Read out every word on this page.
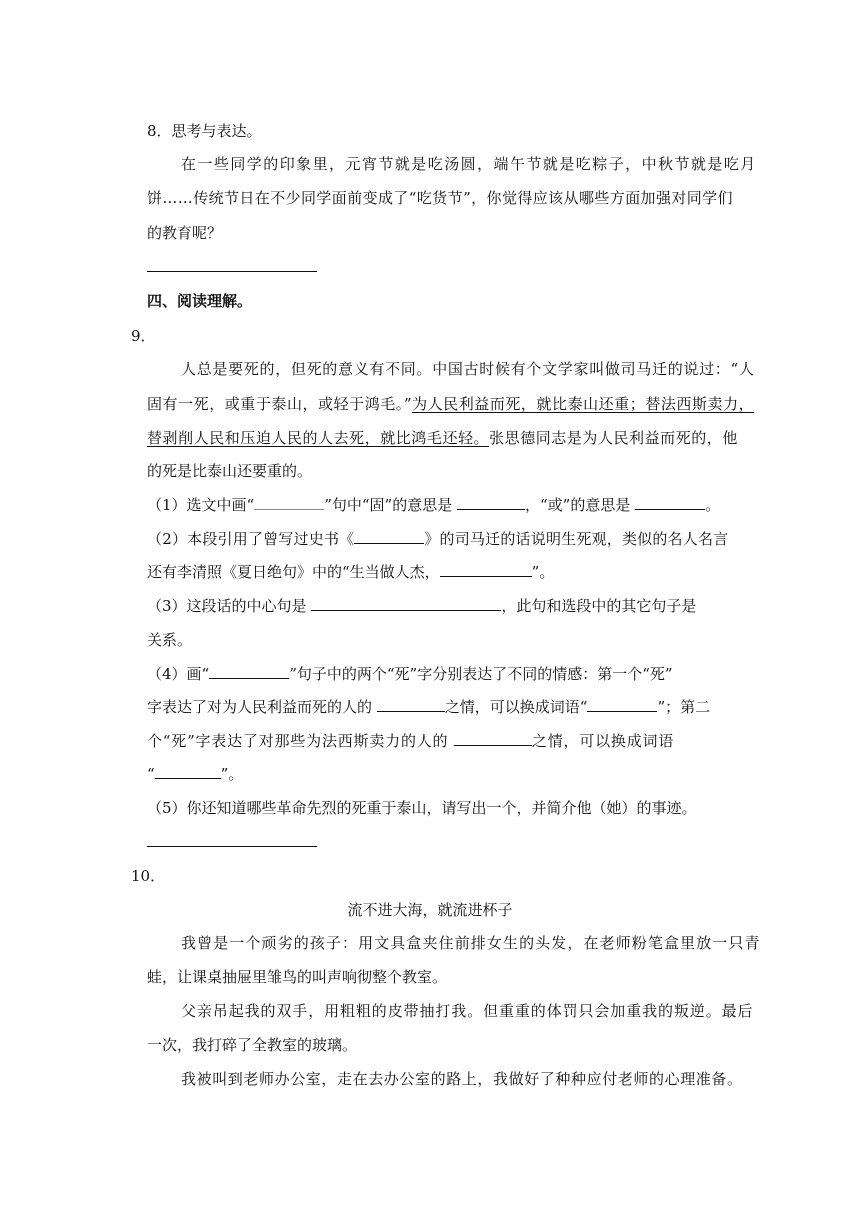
8．思考与表达。
在一些同学的印象里，元宵节就是吃汤圆，端午节就是吃粽子，中秋节就是吃月
饼……传统节日在不少同学面前变成了“吃货节”，你觉得应该从哪些方面加强对同学们
的教育呢？
四、阅读理解。
9．
人总是要死的，但死的意义有不同。中国古时候有个文学家叫做司马迁的说过：“人
固有一死，或重于泰山，或轻于鸿毛。”为人民利益而死，就比泰山还重；替法西斯卖力，
替剥削人民和压迫人民的人去死，就比鸿毛还轻。张思德同志是为人民利益而死的，他
的死是比泰山还要重的。
（1）选文中画“	”句中“固”的意思是	，“或”的意思是	。
（2）本段引用了曾写过史书《	》的司马迁的话说明生死观，类似的名人名言
还有李清照《夏日绝句》中的“生当做人杰，	”。
（3）这段话的中心句是	，此句和选段中的其它句子是
关系。
（4）画“	”句子中的两个“死”字分别表达了不同的情感：第一个“死”
字表达了对为人民利益而死的人的	之情，可以换成词语“	”；第二
个“死”字表达了对那些为法西斯卖力的人的	之情，可以换成词语
“	”。
（5）你还知道哪些革命先烈的死重于泰山，请写出一个，并简介他（她）的事迹。
10．
流不进大海，就流进杯子
我曾是一个顽劣的孩子：用文具盒夹住前排女生的头发，在老师粉笔盒里放一只青
蛙，让课桌抽屉里雏鸟的叫声响彻整个教室。
父亲吊起我的双手，用粗粗的皮带抽打我。但重重的体罚只会加重我的叛逆。最后
一次，我打碎了全教室的玻璃。
我被叫到老师办公室，走在去办公室的路上，我做好了种种应付老师的心理准备。
